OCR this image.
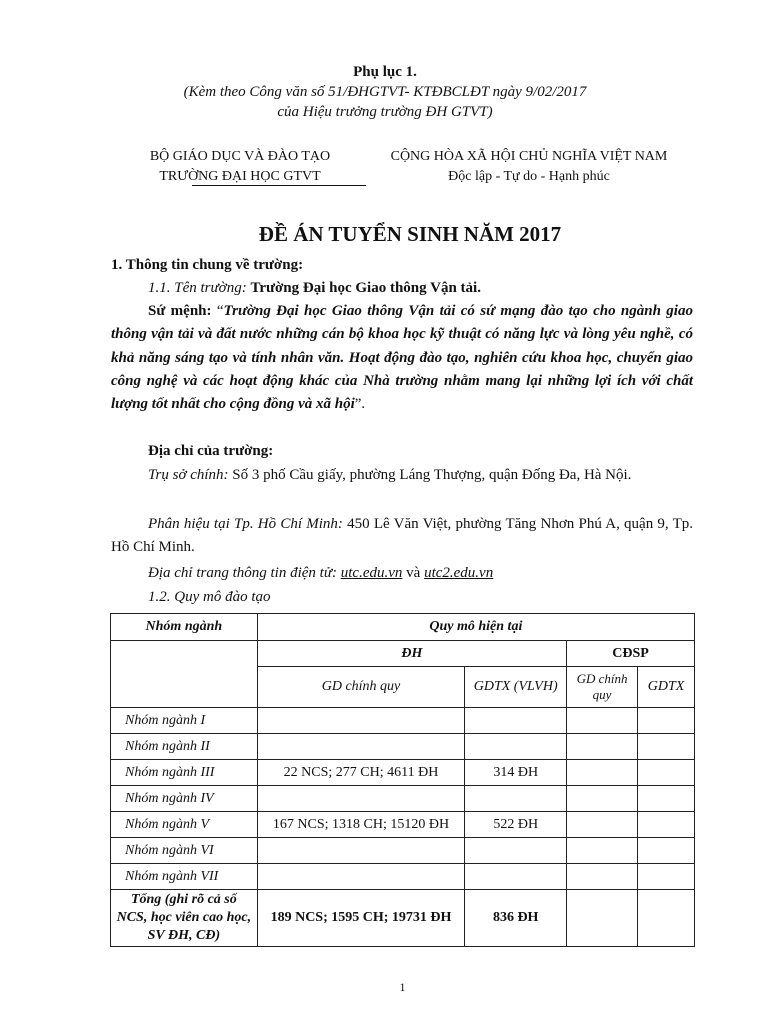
Phụ lục 1.
(Kèm theo Công văn số 51/ĐHGTVT- KTĐBCLĐT ngày 9/02/2017
của Hiệu trưởng trường ĐH GTVT)
BỘ GIÁO DỤC VÀ ĐÀO TẠO
TRƯỜNG ĐẠI HỌC GTVT
CỘNG HÒA XÃ HỘI CHỦ NGHĨA VIỆT NAM
Độc lập - Tự do - Hạnh phúc
ĐỀ ÁN TUYỂN SINH NĂM 2017
1. Thông tin chung về trường:
1.1. Tên trường: Trường Đại học Giao thông Vận tải.
Sứ mệnh: “Trường Đại học Giao thông Vận tải có sứ mạng đào tạo cho ngành giao thông vận tải và đất nước những cán bộ khoa học kỹ thuật có năng lực và lòng yêu nghề, có khả năng sáng tạo và tính nhân văn. Hoạt động đào tạo, nghiên cứu khoa học, chuyển giao công nghệ và các hoạt động khác của Nhà trường nhằm mang lại những lợi ích với chất lượng tốt nhất cho cộng đồng và xã hội”.
Địa chỉ của trường:
Trụ sở chính: Số 3 phố Cầu giấy, phường Láng Thượng, quận Đống Đa, Hà Nội.
Phân hiệu tại Tp. Hồ Chí Minh: 450 Lê Văn Việt, phường Tăng Nhơn Phú A, quận 9, Tp. Hồ Chí Minh.
Địa chỉ trang thông tin điện tử: utc.edu.vn và utc2.edu.vn
1.2. Quy mô đào tạo
Nhóm ngành	Quy mô hiện tại			
	ĐH		CĐSP	
	GD chính quy	GDTX (VLVH)	GD chính quy	GDTX
Nhóm ngành I				
Nhóm ngành II				
Nhóm ngành III	22 NCS; 277 CH; 4611 ĐH	314 ĐH		
Nhóm ngành IV				
Nhóm ngành V	167 NCS; 1318 CH; 15120 ĐH	522 ĐH		
Nhóm ngành VI				
Nhóm ngành VII				
Tổng (ghi rõ cả số NCS, học viên cao học, SV ĐH, CĐ)	189 NCS; 1595 CH; 19731 ĐH	836 ĐH		
1
